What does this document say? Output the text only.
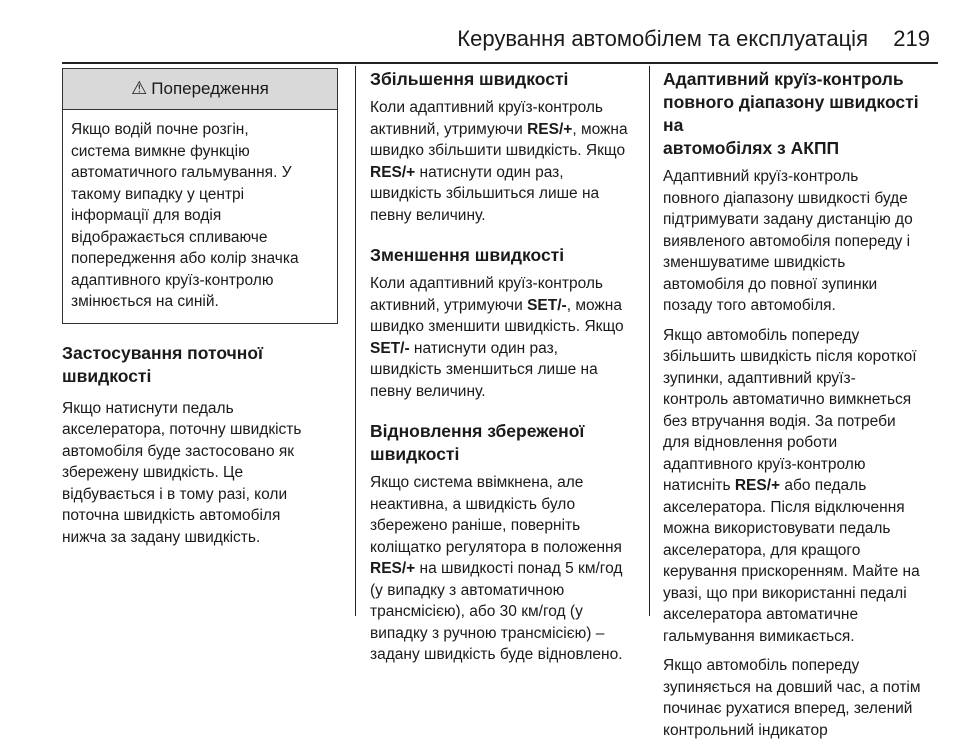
Керування автомобілем та експлуатація 219
⚠ Попередження
Якщо водій почне розгін,
система вимкне функцію
автоматичного гальмування. У
такому випадку у центрі
інформації для водія
відображається спливаюче
попередження або колір значка
адаптивного круїз-контролю
змінюється на синій.
Застосування поточної
швидкості
Якщо натиснути педаль
акселератора, поточну швидкість
автомобіля буде застосовано як
збережену швидкість. Це
відбувається і в тому разі, коли
поточна швидкість автомобіля
нижча за задану швидкість.
Збільшення швидкості
Коли адаптивний круїз-контроль
активний, утримуючи RES/+, можна
швидко збільшити швидкість. Якщо
RES/+ натиснути один раз,
швидкість збільшиться лише на
певну величину.
Зменшення швидкості
Коли адаптивний круїз-контроль
активний, утримуючи SET/-, можна
швидко зменшити швидкість. Якщо
SET/- натиснути один раз,
швидкість зменшиться лише на
певну величину.
Відновлення збереженої
швидкості
Якщо система ввімкнена, але
неактивна, а швидкість було
збережено раніше, поверніть
коліщатко регулятора в положення
RES/+ на швидкості понад 5 км/год
(у випадку з автоматичною
трансмісією), або 30 км/год (у
випадку з ручною трансмісією) –
задану швидкість буде відновлено.
Адаптивний круїз-контроль
повного діапазону швидкості на
автомобілях з АКПП
Адаптивний круїз-контроль
повного діапазону швидкості буде
підтримувати задану дистанцію до
виявленого автомобіля попереду і
зменшуватиме швидкість
автомобіля до повної зупинки
позаду того автомобіля.
Якщо автомобіль попереду
збільшить швидкість після короткої
зупинки, адаптивний круїз-
контроль автоматично вимкнеться
без втручання водія. За потреби
для відновлення роботи
адаптивного круїз-контролю
натисніть RES/+ або педаль
акселератора. Після відключення
можна використовувати педаль
акселератора, для кращого
керування прискоренням. Майте на
увазі, що при використанні педалі
акселератора автоматичне
гальмування вимикається.
Якщо автомобіль попереду
зупиняється на довший час, а потім
починає рухатися вперед, зелений
контрольний індикатор
